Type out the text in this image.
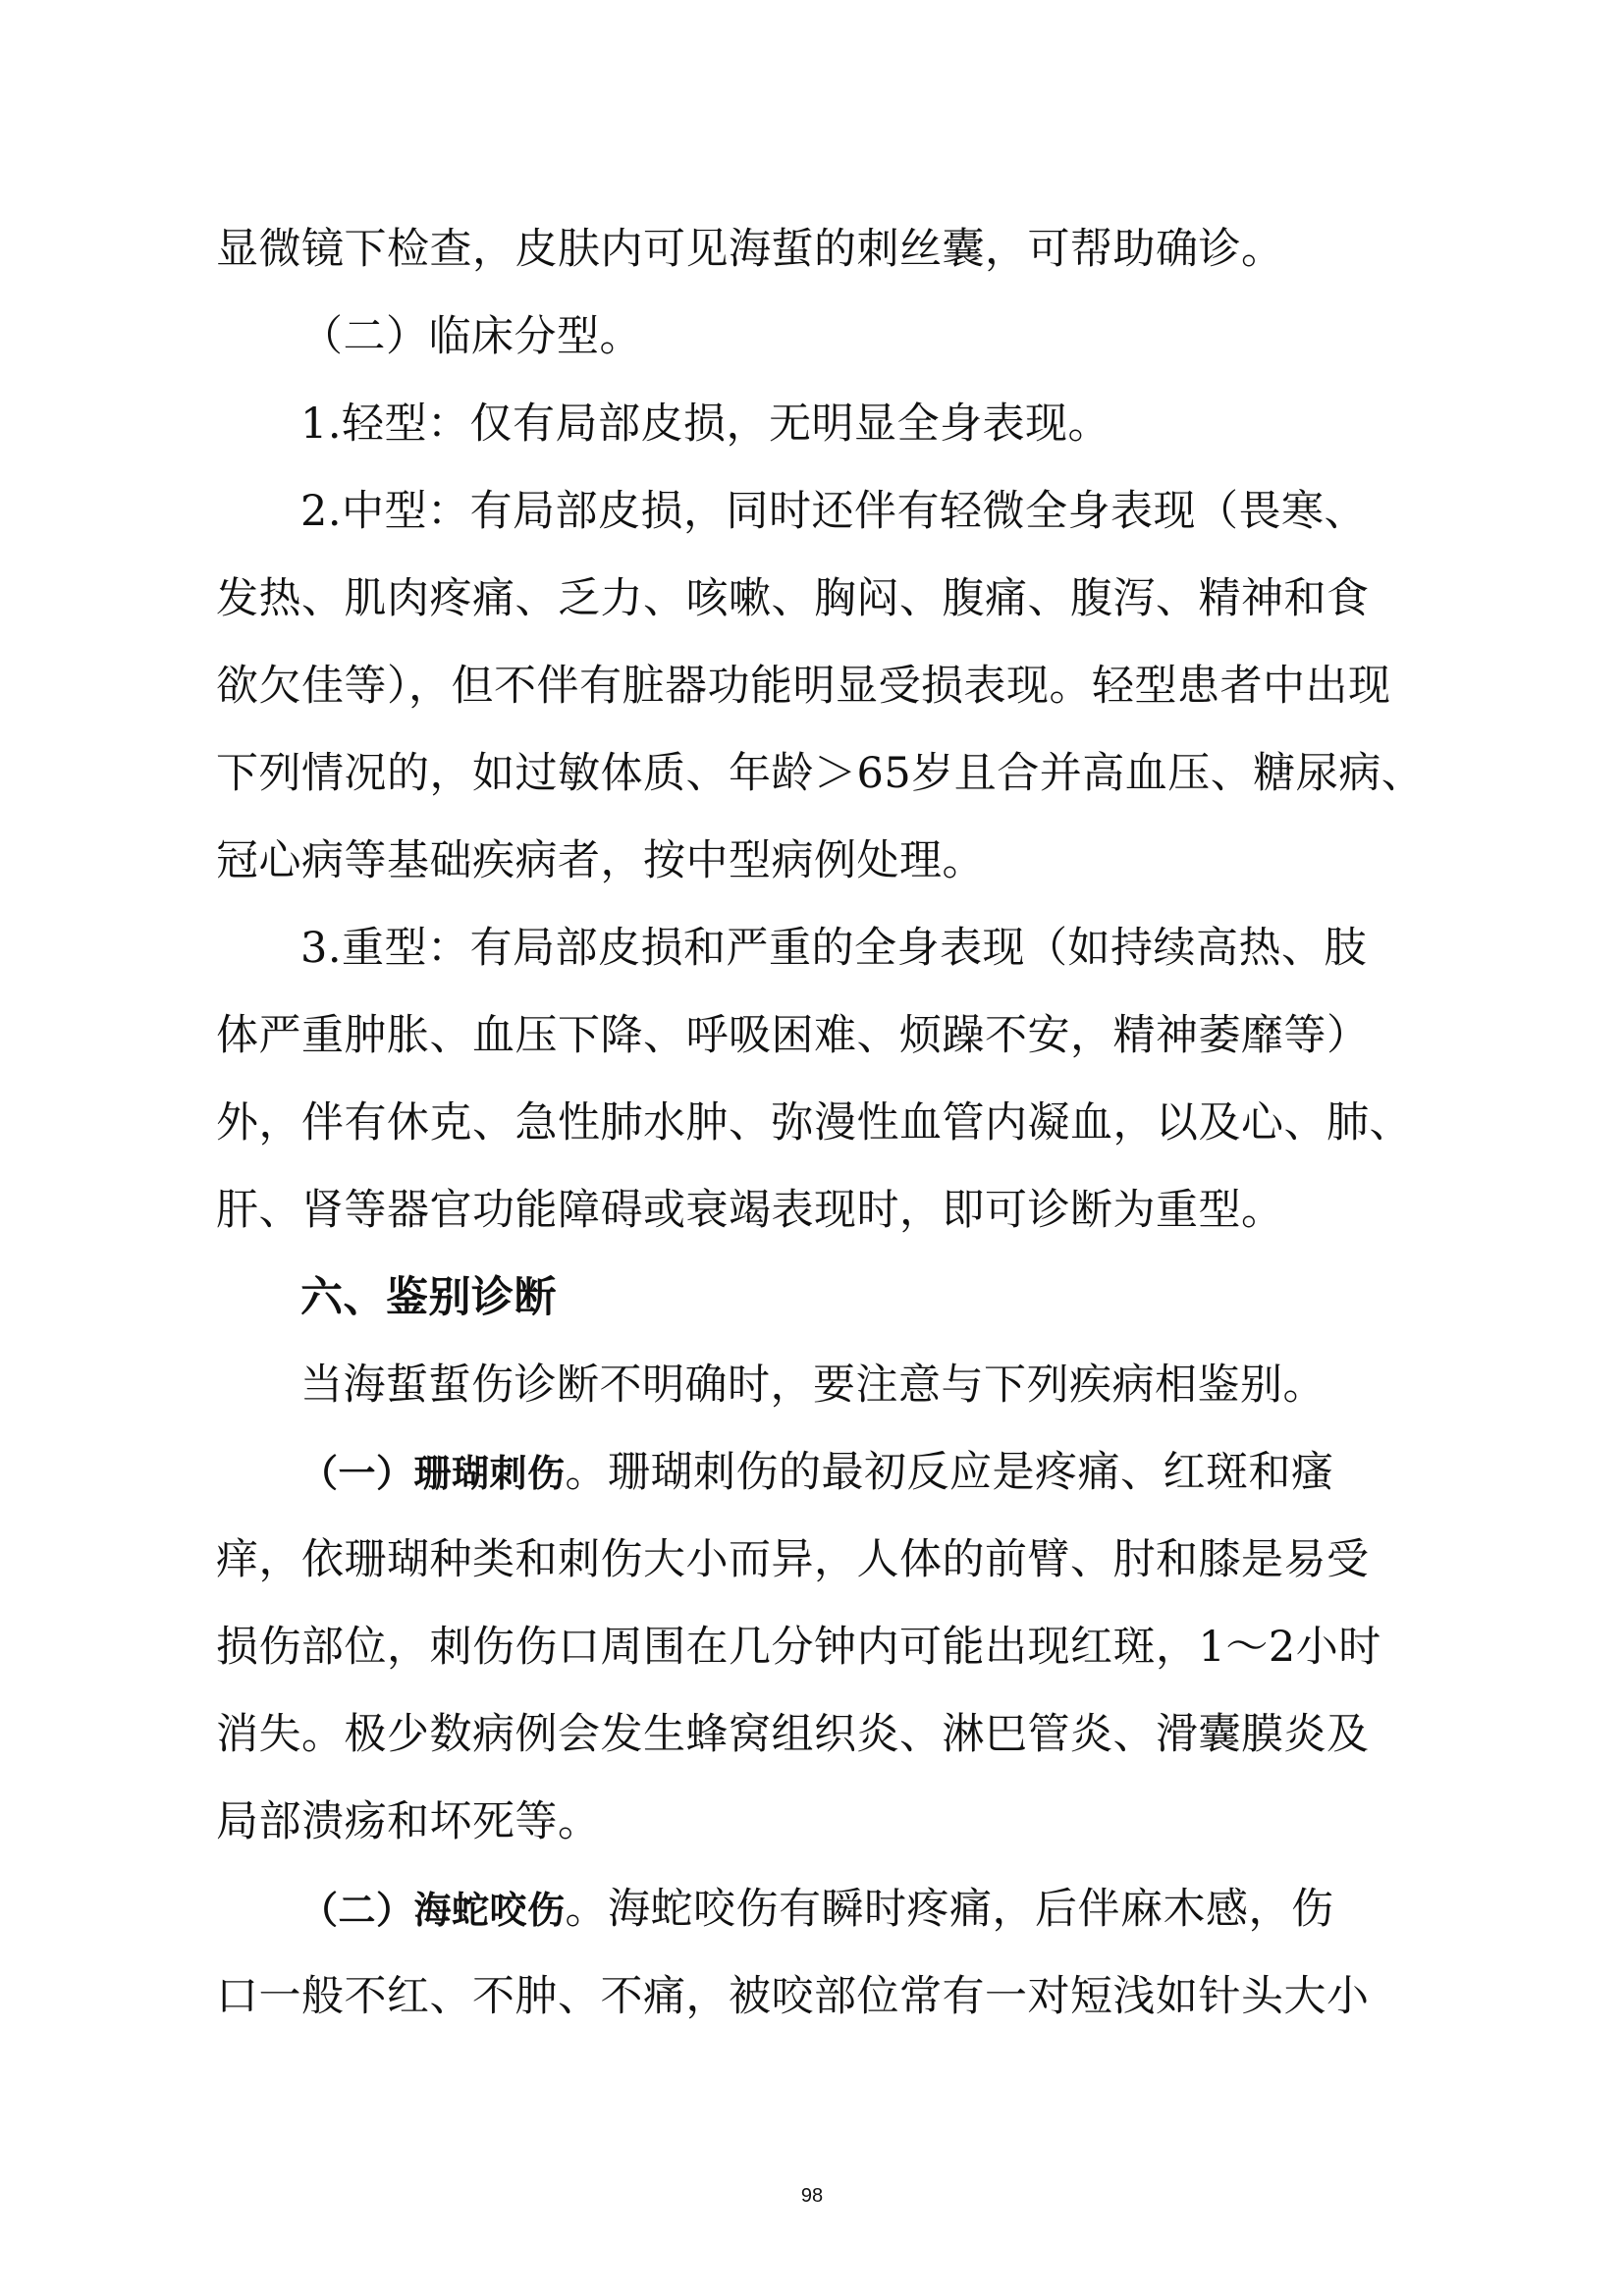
显微镜下检查，皮肤内可见海蜇的刺丝囊，可帮助确诊。
（二）临床分型。
1.轻型：仅有局部皮损，无明显全身表现。
2.中型：有局部皮损，同时还伴有轻微全身表现（畏寒、
发热、肌肉疼痛、乏力、咳嗽、胸闷、腹痛、腹泻、精神和食
欲欠佳等），但不伴有脏器功能明显受损表现。轻型患者中出现
下列情况的，如过敏体质、年龄＞65岁且合并高血压、糖尿病、
冠心病等基础疾病者，按中型病例处理。
3.重型：有局部皮损和严重的全身表现（如持续高热、肢
体严重肿胀、血压下降、呼吸困难、烦躁不安，精神萎靡等）
外，伴有休克、急性肺水肿、弥漫性血管内凝血，以及心、肺、
肝、肾等器官功能障碍或衰竭表现时，即可诊断为重型。
六、鉴别诊断
当海蜇蜇伤诊断不明确时，要注意与下列疾病相鉴别。
（一）珊瑚刺伤。珊瑚刺伤的最初反应是疼痛、红斑和瘙
痒，依珊瑚种类和刺伤大小而异，人体的前臂、肘和膝是易受
损伤部位，刺伤伤口周围在几分钟内可能出现红斑，1～2小时
消失。极少数病例会发生蜂窝组织炎、淋巴管炎、滑囊膜炎及
局部溃疡和坏死等。
（二）海蛇咬伤。海蛇咬伤有瞬时疼痛，后伴麻木感，伤
口一般不红、不肿、不痛，被咬部位常有一对短浅如针头大小
98
